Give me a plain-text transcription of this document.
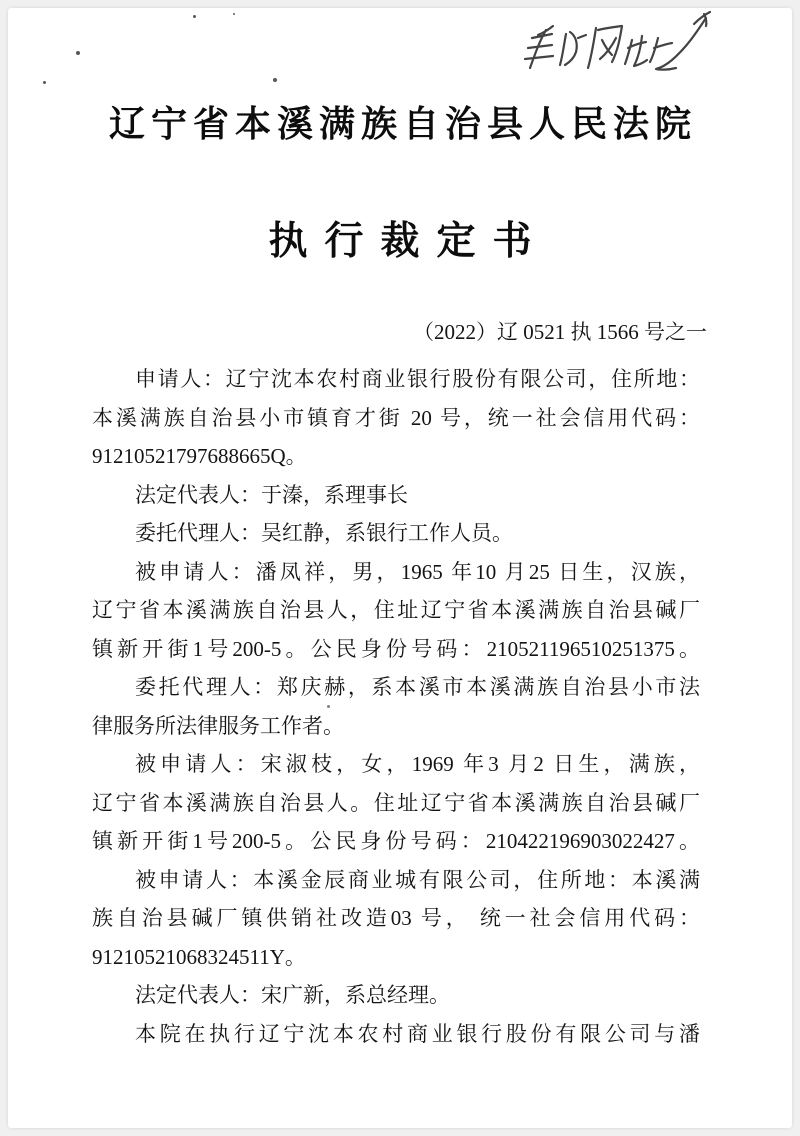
辽宁省本溪满族自治县人民法院
执行裁定书
（2022）辽 0521 执 1566 号之一
申请人：辽宁沈本农村商业银行股份有限公司，住所地：
本溪满族自治县小市镇育才街 20 号，统一社会信用代码：
91210521797688665Q。
法定代表人：于溱，系理事长
委托代理人：吴红静，系银行工作人员。
被申请人：潘凤祥，男，1965 年10 月25 日生，汉族，
辽宁省本溪满族自治县人，住址辽宁省本溪满族自治县碱厂
镇新开街1号200-5。公民身份号码：210521196510251375。
委托代理人：郑庆赫，系本溪市本溪满族自治县小市法
律服务所法律服务工作者。
被申请人：宋淑枝，女，1969 年3 月2 日生，满族，
辽宁省本溪满族自治县人。住址辽宁省本溪满族自治县碱厂
镇新开街1号200-5。公民身份号码：210422196903022427。
被申请人：本溪金辰商业城有限公司，住所地：本溪满
族自治县碱厂镇供销社改造03 号， 统一社会信用代码：
91210521068324511Y。
法定代表人：宋广新，系总经理。
本院在执行辽宁沈本农村商业银行股份有限公司与潘
